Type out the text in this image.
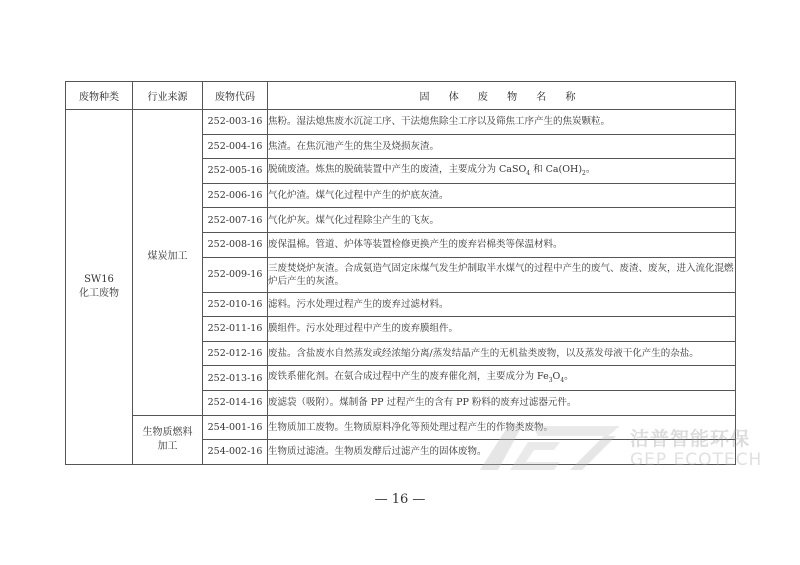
废物种类	行业来源	废物代码	固 体 废 物 名 称

SW16
化工废物	煤炭加工	252-003-16	焦粉。湿法熄焦废水沉淀工序、干法熄焦除尘工序以及筛焦工序产生的焦炭颗粒。
		252-004-16	焦渣。在焦沉池产生的焦尘及烧损灰渣。
		252-005-16	脱硫废渣。炼焦的脱硫装置中产生的废渣，主要成分为 CaSO$_4$ 和 $Ca(OH)_2$。
		252-006-16	气化炉渣。煤气化过程中产生的炉底灰渣。
		252-007-16	气化炉灰。煤气化过程除尘产生的飞灰。
		252-008-16	废保温棉。管道、炉体等装置检修更换产生的废弃岩棉类等保温材料。
		252-009-16	三废焚烧炉灰渣。合成氨造气固定床煤气发生炉制取半水煤气的过程中产生的废气、废渣、废灰，进入流化混燃炉后产生的灰渣。
		252-010-16	滤料。污水处理过程产生的废弃过滤材料。
		252-011-16	膜组件。污水处理过程中产生的废弃膜组件。
		252-012-16	废盐。含盐废水自然蒸发或经浓缩分离/蒸发结晶产生的无机盐类废物，以及蒸发母液干化产生的杂盐。
		252-013-16	废铁系催化剂。在氨合成过程中产生的废弃催化剂，主要成分为 $Fe_3O_4$。
		252-014-16	废滤袋（吸附）。煤制备 PP 过程产生的含有 PP 粉料的废弃过滤器元件。

	生物质燃料加工	254-001-16	生物质加工废物。生物质原料净化等预处理过程产生的作物类废物。
		254-002-16	生物质过滤渣。生物质发酵后过滤产生的固体废物。
— 16 —
洁普智能环保
GEP ECOTECH
